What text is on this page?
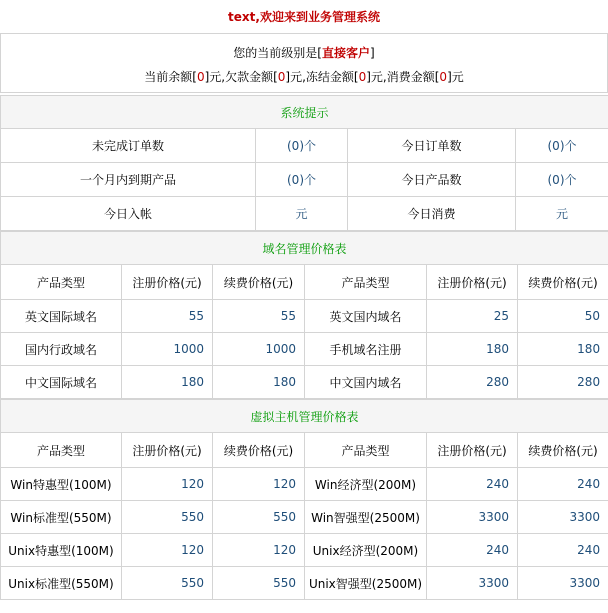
text,欢迎来到业务管理系统
您的当前级别是[直接客户]
当前余额[0]元,欠款金额[0]元,冻结金额[0]元,消费金额[0]元
系统提示			
未完成订单数	(0)个	今日订单数	(0)个
一个月内到期产品	(0)个	今日产品数	(0)个
今日入帐	元	今日消费	元
域名管理价格表					
产品类型	注册价格(元)	续费价格(元)	产品类型	注册价格(元)	续费价格(元)
英文国际域名	55	55	英文国内域名	25	50
国内行政域名	1000	1000	手机域名注册	180	180
中文国际域名	180	180	中文国内域名	280	280
虚拟主机管理价格表					
产品类型	注册价格(元)	续费价格(元)	产品类型	注册价格(元)	续费价格(元)
Win特惠型(100M)	120	120	Win经济型(200M)	240	240
Win标准型(550M)	550	550	Win智强型(2500M)	3300	3300
Unix特惠型(100M)	120	120	Unix经济型(200M)	240	240
Unix标准型(550M)	550	550	Unix智强型(2500M)	3300	3300
